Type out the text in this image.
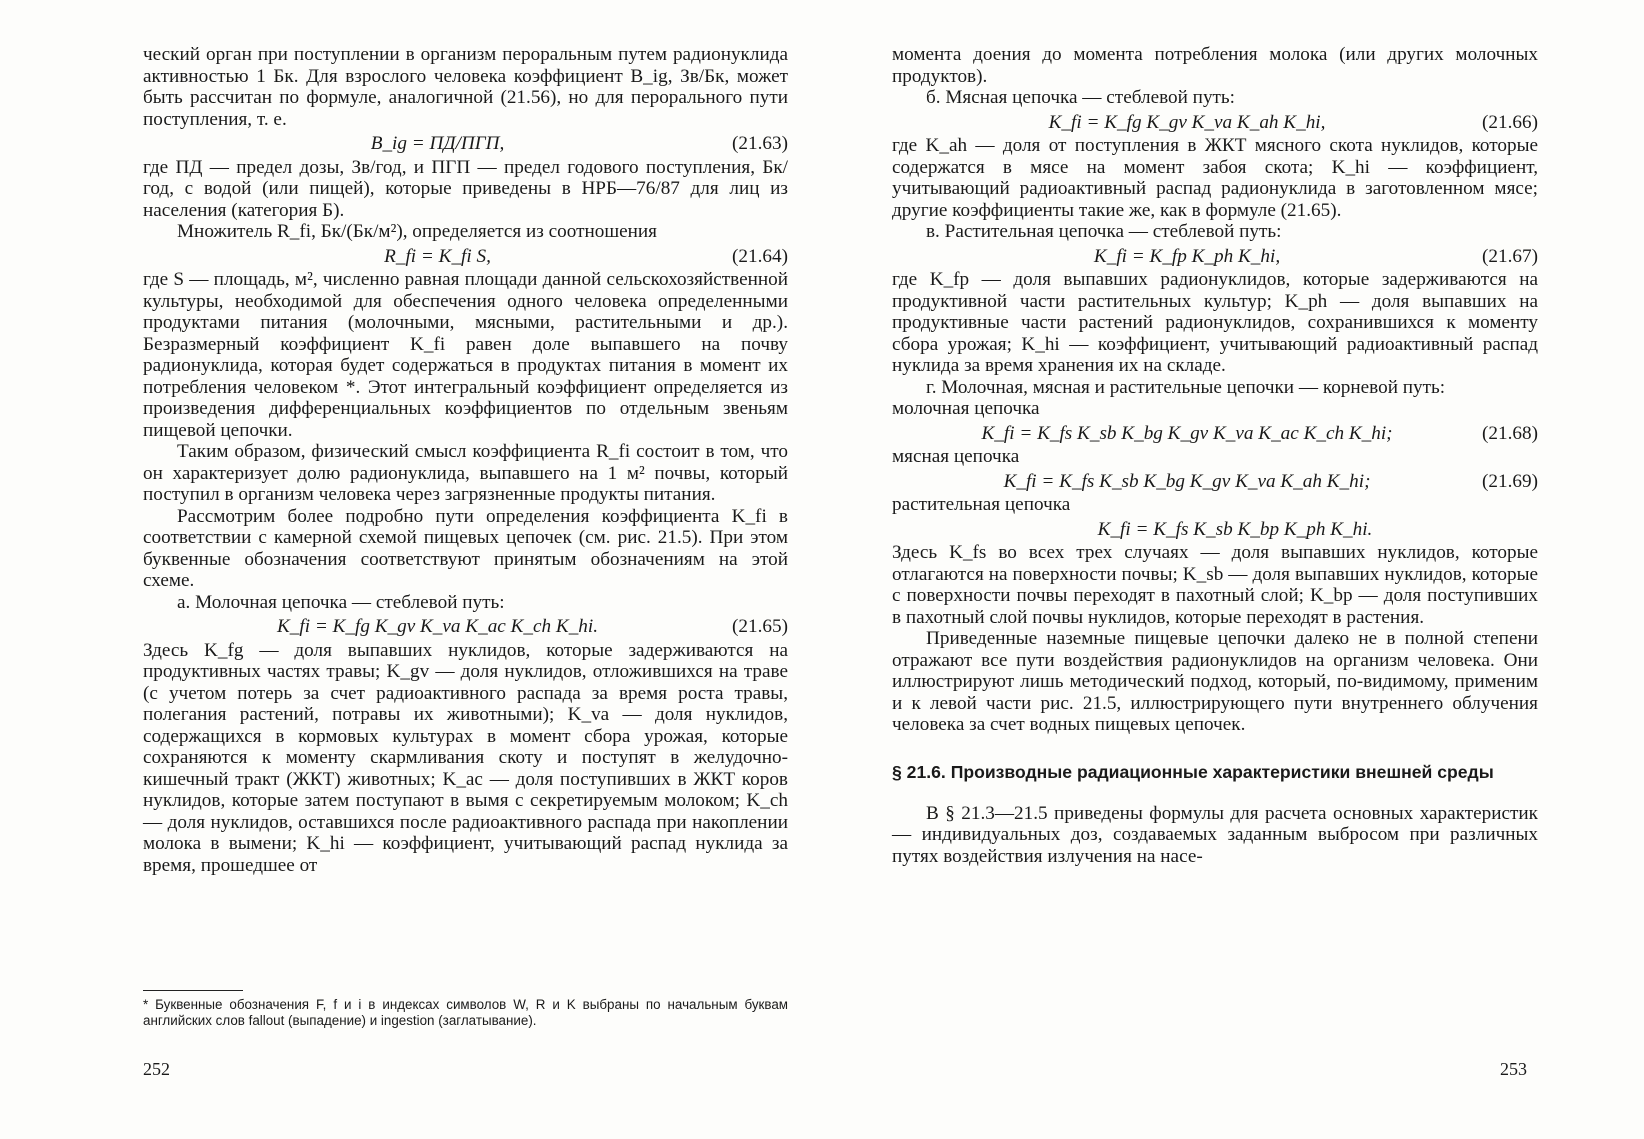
ческий орган при поступлении в организм пероральным путем радионуклида активностью 1 Бк. Для взрослого человека коэффициент B_ig, Зв/Бк, может быть рассчитан по формуле, аналогичной (21.56), но для перорального пути поступления, т. е.

B_ig = ПД/ПГП,	(21.63)

где ПД — предел дозы, Зв/год, и ПГП — предел годового поступления, Бк/год, с водой (или пищей), которые приведены в НРБ—76/87 для лиц из населения (категория Б).

Множитель R_fi, Бк/(Бк/м²), определяется из соотношения

R_fi = K_fi S,	(21.64)

где S — площадь, м², численно равная площади данной сельскохозяйственной культуры, необходимой для обеспечения одного человека определенными продуктами питания (молочными, мясными, растительными и др.). Безразмерный коэффициент K_fi равен доле выпавшего на почву радионуклида, которая будет содержаться в продуктах питания в момент их потребления человеком *. Этот интегральный коэффициент определяется из произведения дифференциальных коэффициентов по отдельным звеньям пищевой цепочки.

Таким образом, физический смысл коэффициента R_fi состоит в том, что он характеризует долю радионуклида, выпавшего на 1 м² почвы, который поступил в организм человека через загрязненные продукты питания.

Рассмотрим более подробно пути определения коэффициента K_fi в соответствии с камерной схемой пищевых цепочек (см. рис. 21.5). При этом буквенные обозначения соответствуют принятым обозначениям на этой схеме.

а. Молочная цепочка — стеблевой путь:

K_fi = K_fg K_gv K_va K_ac K_ch K_hi.	(21.65)

Здесь K_fg — доля выпавших нуклидов, которые задерживаются на продуктивных частях травы; K_gv — доля нуклидов, отложившихся на траве (с учетом потерь за счет радиоактивного распада за время роста травы, полегания растений, потравы их животными); K_va — доля нуклидов, содержащихся в кормовых культурах в момент сбора урожая, которые сохраняются к моменту скармливания скоту и поступят в желудочно-кишечный тракт (ЖКТ) животных; K_ac — доля поступивших в ЖКТ коров нуклидов, которые затем поступают в вымя с секретируемым молоком; K_ch — доля нуклидов, оставшихся после радиоактивного распада при накоплении молока в вымени; K_hi — коэффициент, учитывающий распад нуклида за время, прошедшее от

* Буквенные обозначения F, f и i в индексах символов W, R и K выбраны по начальным буквам английских слов fallout (выпадение) и ingestion (заглатывание).
252

момента доения до момента потребления молока (или других молочных продуктов).

б. Мясная цепочка — стеблевой путь:

K_fi = K_fg K_gv K_va K_ah K_hi,	(21.66)

где K_ah — доля от поступления в ЖКТ мясного скота нуклидов, которые содержатся в мясе на момент забоя скота; K_hi — коэффициент, учитывающий радиоактивный распад радионуклида в заготовленном мясе; другие коэффициенты такие же, как в формуле (21.65).

в. Растительная цепочка — стеблевой путь:

K_fi = K_fp K_ph K_hi,	(21.67)

где K_fp — доля выпавших радионуклидов, которые задерживаются на продуктивной части растительных культур; K_ph — доля выпавших на продуктивные части растений радионуклидов, сохранившихся к моменту сбора урожая; K_hi — коэффициент, учитывающий радиоактивный распад нуклида за время хранения их на складе.

г. Молочная, мясная и растительные цепочки — корневой путь:

молочная цепочка

K_fi = K_fs K_sb K_bg K_gv K_va K_ac K_ch K_hi;	(21.68)

мясная цепочка

K_fi = K_fs K_sb K_bg K_gv K_va K_ah K_hi;	(21.69)

растительная цепочка

K_fi = K_fs K_sb K_bp K_ph K_hi.

Здесь K_fs во всех трех случаях — доля выпавших нуклидов, которые отлагаются на поверхности почвы; K_sb — доля выпавших нуклидов, которые с поверхности почвы переходят в пахотный слой; K_bp — доля поступивших в пахотный слой почвы нуклидов, которые переходят в растения.

Приведенные наземные пищевые цепочки далеко не в полной степени отражают все пути воздействия радионуклидов на организм человека. Они иллюстрируют лишь методический подход, который, по-видимому, применим и к левой части рис. 21.5, иллюстрирующего пути внутреннего облучения человека за счет водных пищевых цепочек.

§ 21.6. Производные радиационные характеристики внешней среды

В § 21.3—21.5 приведены формулы для расчета основных характеристик — индивидуальных доз, создаваемых заданным выбросом при различных путях воздействия излучения на насе-

253
